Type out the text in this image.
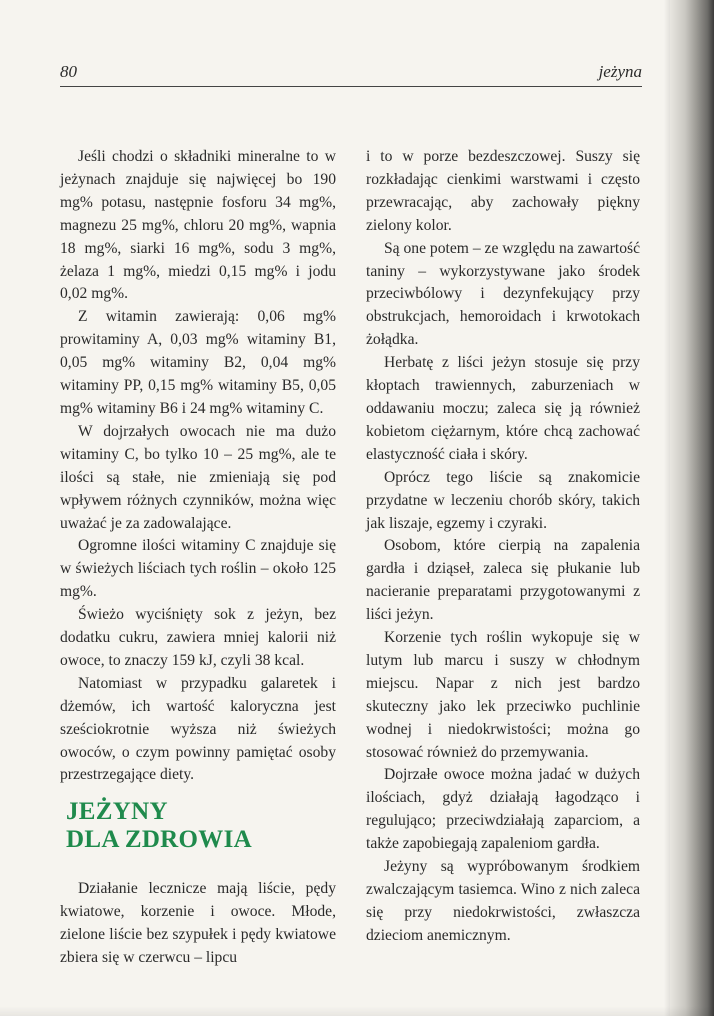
80	jeżyna

Jeśli chodzi o składniki mineralne to w jeżynach znajduje się najwięcej bo 190 mg% potasu, następnie fosforu 34 mg%, magnezu 25 mg%, chloru 20 mg%, wapnia 18 mg%, siarki 16 mg%, sodu 3 mg%, żelaza 1 mg%, miedzi 0,15 mg% i jodu 0,02 mg%.

Z witamin zawierają: 0,06 mg% prowitaminy A, 0,03 mg% witaminy B1, 0,05 mg% witaminy B2, 0,04 mg% witaminy PP, 0,15 mg% witaminy B5, 0,05 mg% witaminy B6 i 24 mg% witaminy C.

W dojrzałych owocach nie ma dużo witaminy C, bo tylko 10 – 25 mg%, ale te ilości są stałe, nie zmieniają się pod wpływem różnych czynników, można więc uważać je za zadowalające.

Ogromne ilości witaminy C znajduje się w świeżych liściach tych roślin – około 125 mg%.

Świeżo wyciśnięty sok z jeżyn, bez dodatku cukru, zawiera mniej kalorii niż owoce, to znaczy 159 kJ, czyli 38 kcal.

Natomiast w przypadku galaretek i dżemów, ich wartość kaloryczna jest sześciokrotnie wyższa niż świeżych owoców, o czym powinny pamiętać osoby przestrzegające diety.

JEŻYNY
DLA ZDROWIA

Działanie lecznicze mają liście, pędy kwiatowe, korzenie i owoce. Młode, zielone liście bez szypułek i pędy kwiatowe zbiera się w czerwcu – lipcu

i to w porze bezdeszczowej. Suszy się rozkładając cienkimi warstwami i często przewracając, aby zachowały piękny zielony kolor.

Są one potem – ze względu na zawartość taniny – wykorzystywane jako środek przeciwbólowy i dezynfekujący przy obstrukcjach, hemoroidach i krwotokach żołądka.

Herbatę z liści jeżyn stosuje się przy kłoptach trawiennych, zaburzeniach w oddawaniu moczu; zaleca się ją również kobietom ciężarnym, które chcą zachować elastyczność ciała i skóry.

Oprócz tego liście są znakomicie przydatne w leczeniu chorób skóry, takich jak liszaje, egzemy i czyraki.

Osobom, które cierpią na zapalenia gardła i dziąseł, zaleca się płukanie lub nacieranie preparatami przygotowanymi z liści jeżyn.

Korzenie tych roślin wykopuje się w lutym lub marcu i suszy w chłodnym miejscu. Napar z nich jest bardzo skuteczny jako lek przeciwko puchlinie wodnej i niedokrwistości; można go stosować również do przemywania.

Dojrzałe owoce można jadać w dużych ilościach, gdyż działają łagodząco i regulująco; przeciwdziałają zaparciom, a także zapobiegają zapaleniom gardła.

Jeżyny są wypróbowanym środkiem zwalczającym tasiemca. Wino z nich zaleca się przy niedokrwistości, zwłaszcza dzieciom anemicznym.
